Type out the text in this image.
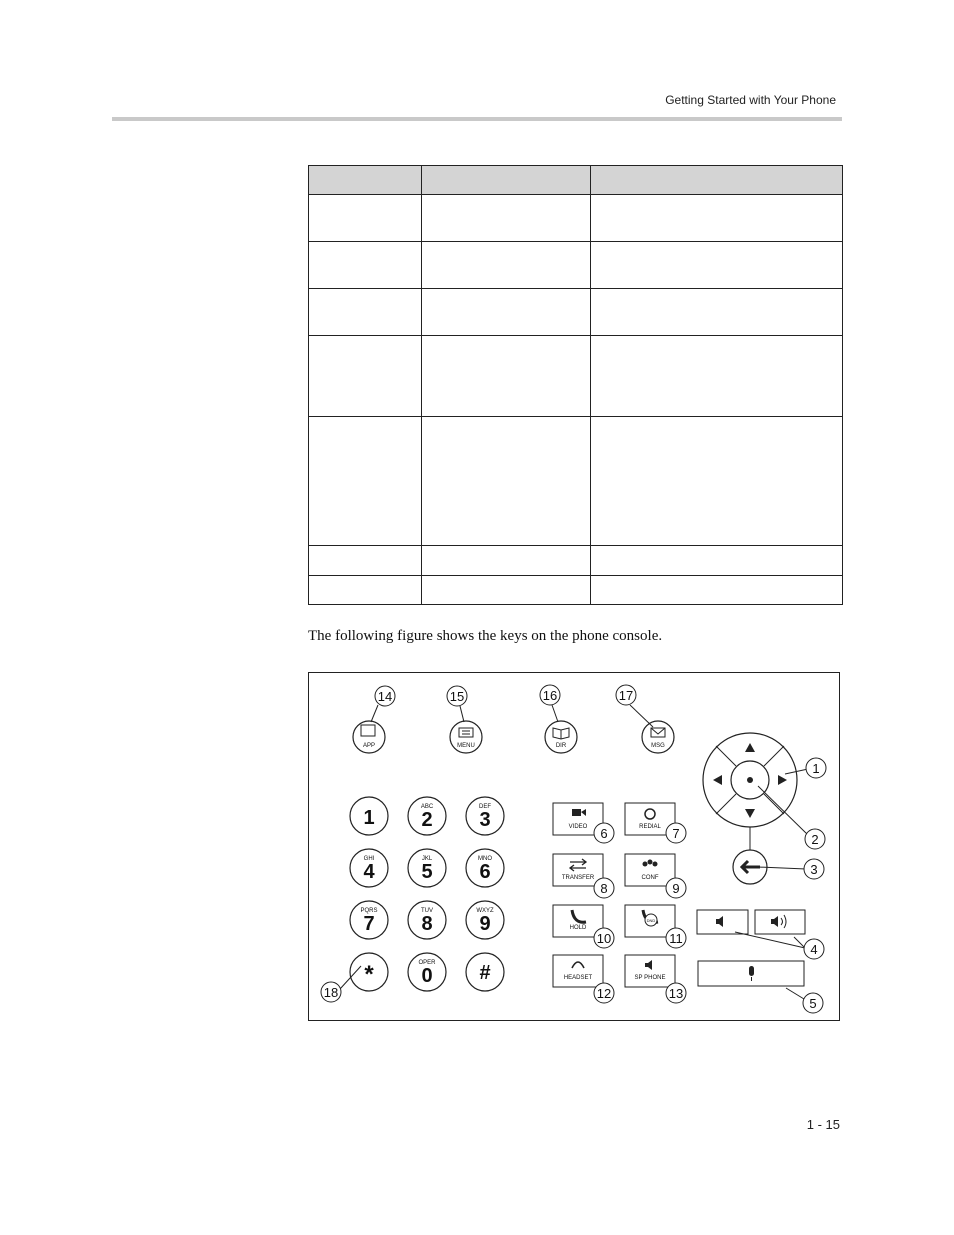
Getting Started with Your Phone

The following figure shows the keys on the phone console.
APP	MENU	DIR	MSG
1	ABC
2
DEF
3
GHI
4
JKL
5
MNO
6
PQRS
7
TUV
8
WXYZ
9
*	OPER
0 #
VIDEO	REDIAL
TRANSFER	CONF
HOLD
DND
HEADSET	SP PHONE
14	15	16	17
1
2
3
4
5
6	7
8	9
10	11
12	13
18
1 - 15
